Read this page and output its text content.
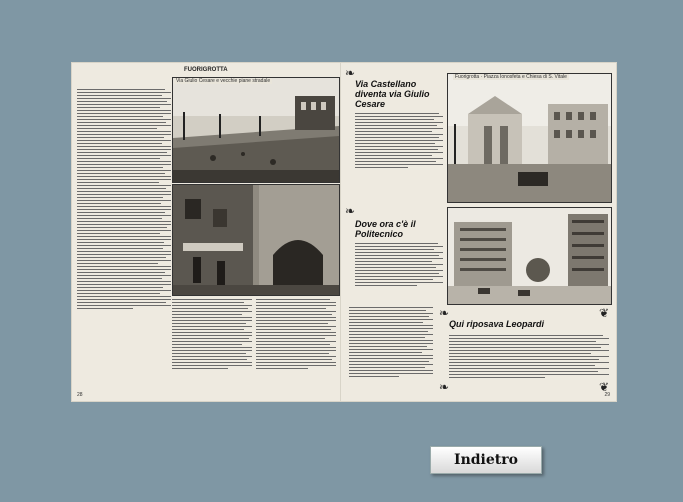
FUORIGROTTA
Via Giulio Cesare e vecchie piane stradale
28
❧
Via Castellano diventa via Giulio Cesare
Fuorigrotta · Piazza Ionosfeta e Chiesa di S. Vitale
❧
Dove ora c'è il Politecnico
❧	❦
Qui riposava Leopardi
❧	❦
29
Indietro
